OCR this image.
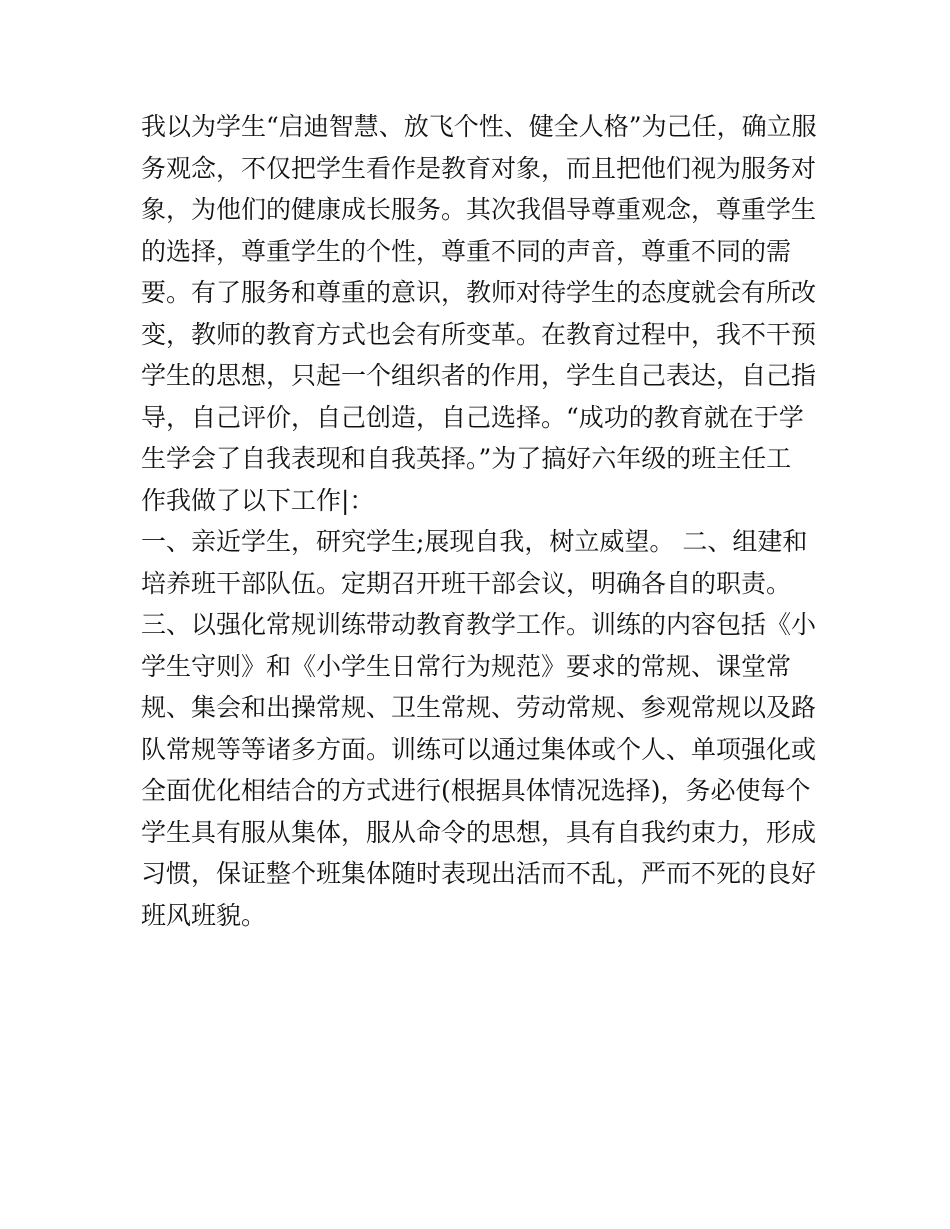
我以为学生“启迪智慧、放飞个性、健全人格”为己任，确立服
务观念，不仅把学生看作是教育对象，而且把他们视为服务对
象，为他们的健康成长服务。其次我倡导尊重观念，尊重学生
的选择，尊重学生的个性，尊重不同的声音，尊重不同的需
要。有了服务和尊重的意识，教师对待学生的态度就会有所改
变，教师的教育方式也会有所变革。在教育过程中，我不干预
学生的思想，只起一个组织者的作用，学生自己表达，自己指
导，自己评价，自己创造，自己选择。“成功的教育就在于学
生学会了自我表现和自我英择。”为了搞好六年级的班主任工
作我做了以下工作|：
一、亲近学生，研究学生;展现自我，树立威望。 二、组建和
培养班干部队伍。定期召开班干部会议，明确各自的职责。
三、以强化常规训练带动教育教学工作。训练的内容包括《小
学生守则》和《小学生日常行为规范》要求的常规、课堂常
规、集会和出操常规、卫生常规、劳动常规、参观常规以及路
队常规等等诸多方面。训练可以通过集体或个人、单项强化或
全面优化相结合的方式进行(根据具体情况选择)，务必使每个
学生具有服从集体，服从命令的思想，具有自我约束力，形成
习惯，保证整个班集体随时表现出活而不乱，严而不死的良好
班风班貌。
